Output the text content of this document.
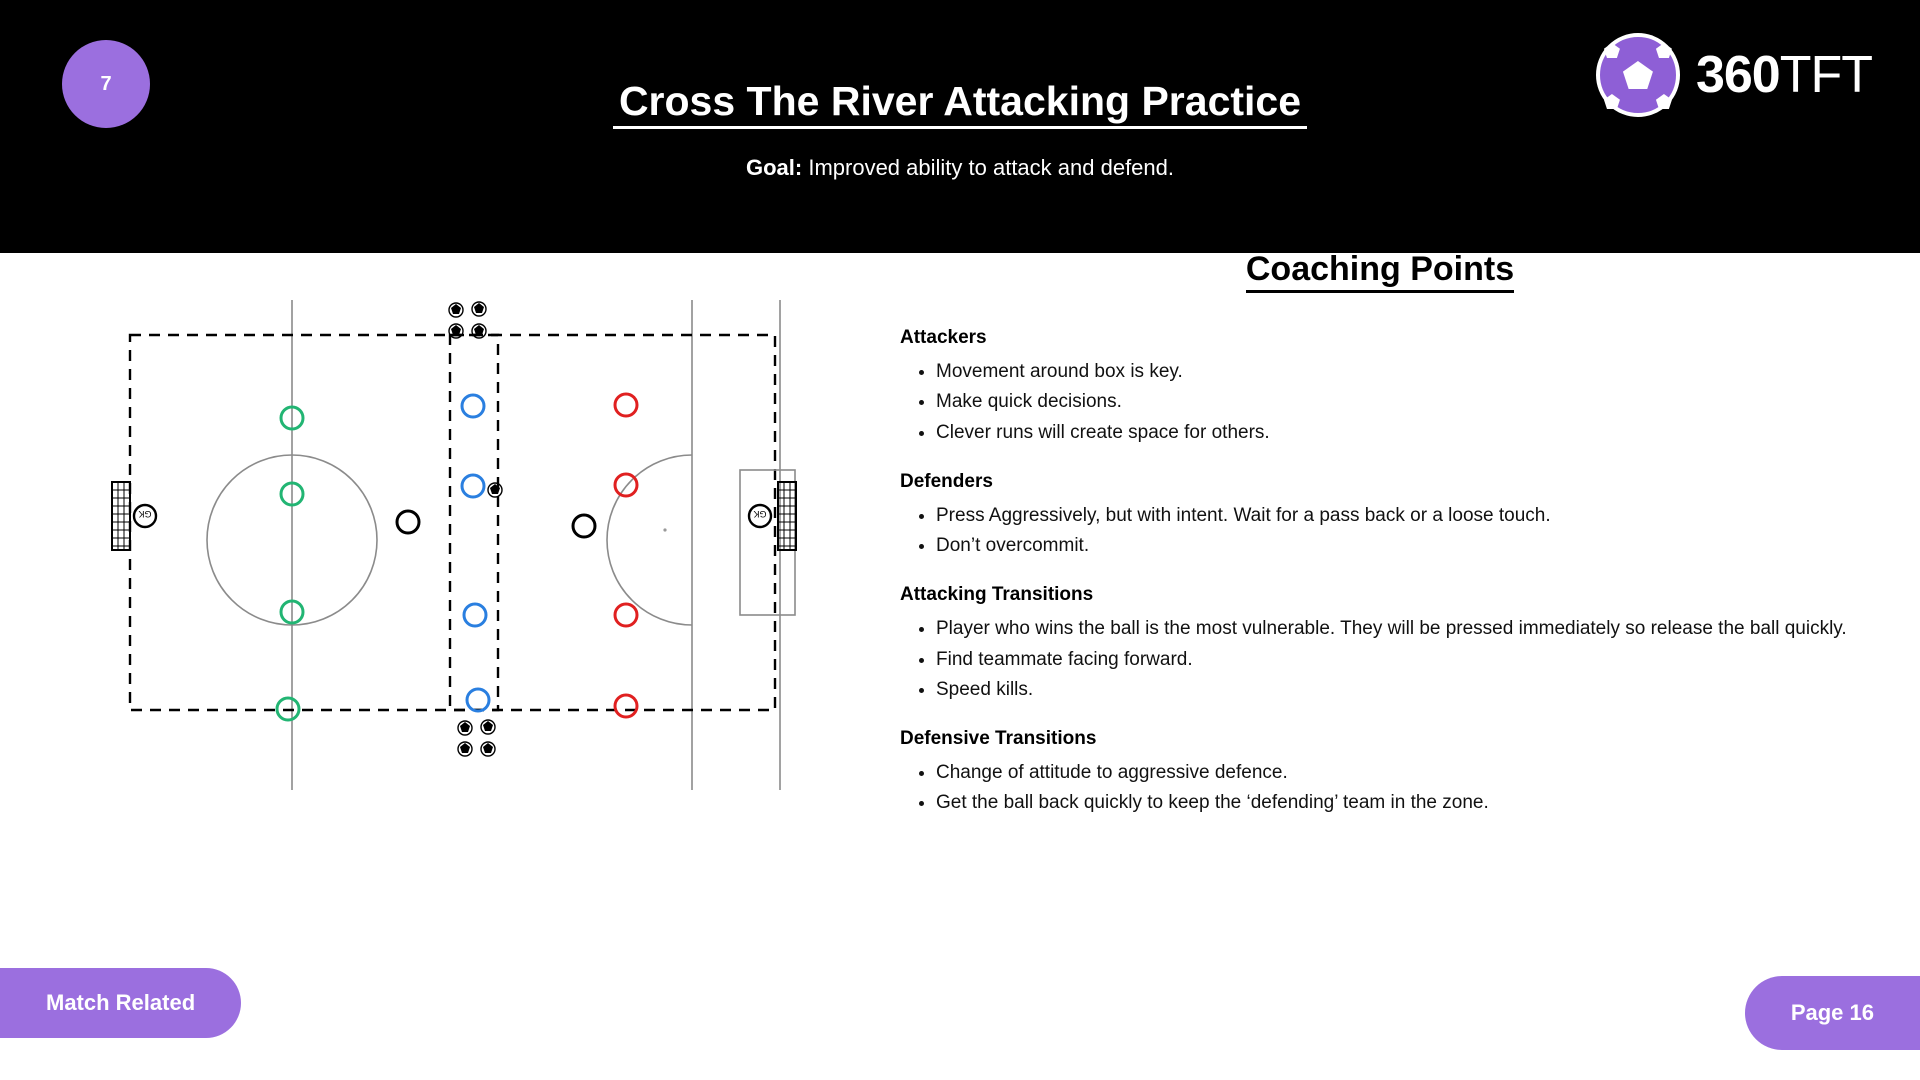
7	Cross The River Attacking Practice
Goal: Improved ability to attack and defend.
360TFT
GK	GK
Coaching Points

Attackers

• Movement around box is key.
• Make quick decisions.
• Clever runs will create space for others.

Defenders

• Press Aggressively, but with intent. Wait for a pass back or a loose touch.
• Don’t overcommit.

Attacking Transitions

• Player who wins the ball is the most vulnerable. They will be pressed immediately so release the ball quickly.
• Find teammate facing forward.
• Speed kills.

Defensive Transitions

• Change of attitude to aggressive defence.
• Get the ball back quickly to keep the ‘defending’ team in the zone.
Match Related	Page 16
